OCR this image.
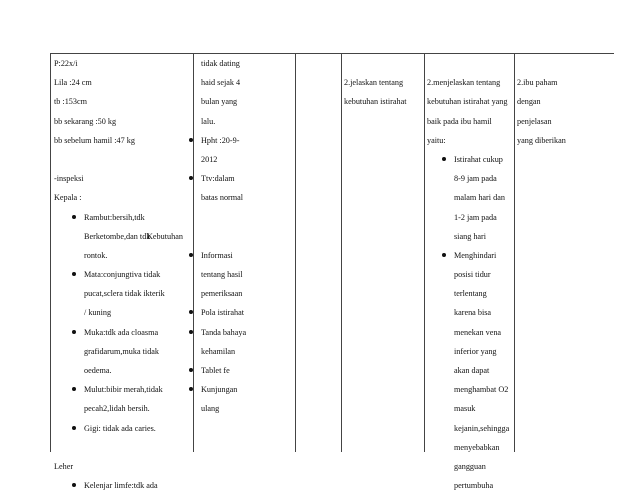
P:22x/i
Lila :24 cm
tb :153cm
bb sekarang :50 kg
bb sebelum hamil :47 kg
-inspeksi
Kepala :
Rambut:bersih,tdk
Berketombe,dan tdk
rontok.
Mata:conjungtiva tidak
pucat,sclera tidak ikterik
/ kuning
Muka:tdk ada cloasma
grafidarum,muka tidak
oedema.
Mulut:bibir merah,tidak
pecah2,lidah bersih.
Gigi: tidak ada caries.
Leher
Kelenjar limfe:tdk ada
tidak dating
haid sejak 4
bulan yang
lalu.
Hpht :20-9-
2012
Ttv:dalam
batas normal
Kebutuhan
Informasi
tentang hasil
pemeriksaan
Pola istirahat
Tanda bahaya
kehamilan
Tablet fe
Kunjungan
ulang
2.jelaskan tentang
kebutuhan istirahat
2.menjelaskan tentang
kebutuhan istirahat yang
baik pada ibu hamil
yaitu:
Istirahat cukup
8-9 jam pada
malam hari dan
1-2 jam pada
siang hari
Menghindari
posisi tidur
terlentang
karena bisa
menekan vena
inferior yang
akan dapat
menghambat O2
masuk
kejanin,sehingga
menyebabkan
gangguan
pertumbuha
2.ibu paham
dengan
penjelasan
yang diberikan
